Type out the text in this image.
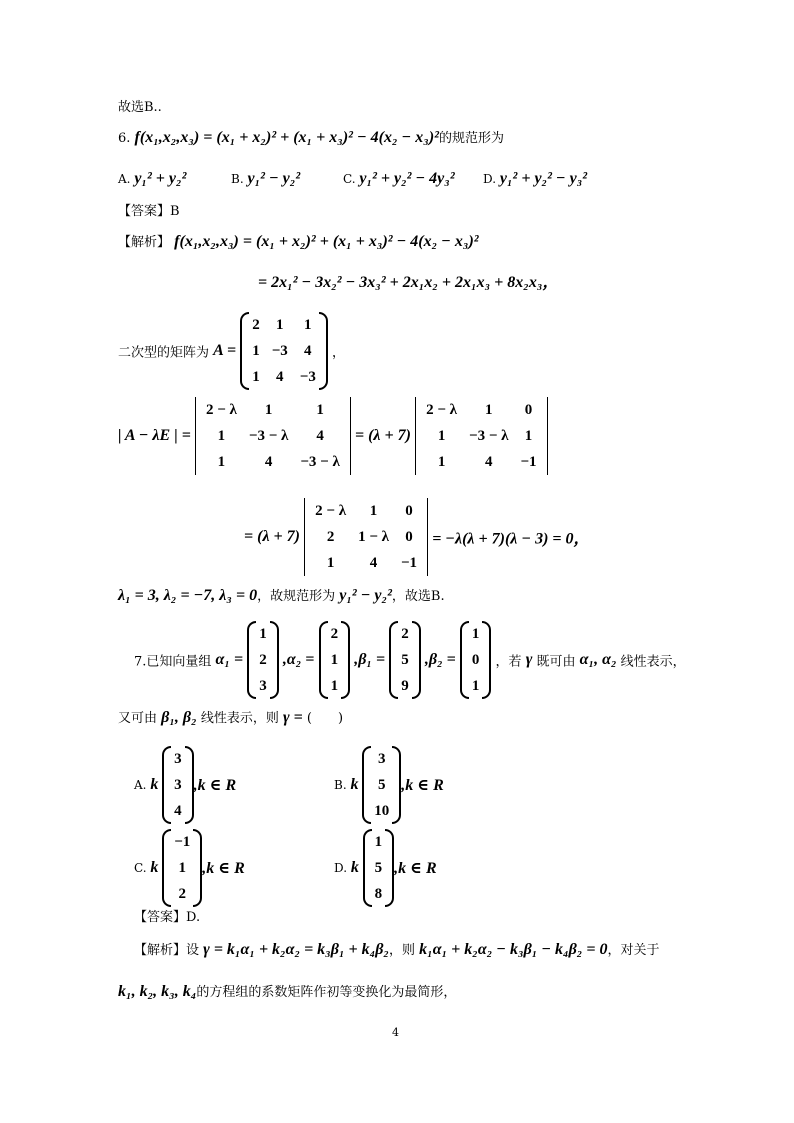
故选B..
6. f(x₁,x₂,x₃) = (x₁ + x₂)² + (x₁ + x₃)² − 4(x₂ − x₃)²的规范形为
A. y₁² + y₂²	B. y₁² − y₂²	C. y₁² + y₂² − 4y₃² D. y₁² + y₂² − y₃²
【答案】B
【解析】 f(x₁,x₂,x₃) = (x₁ + x₂)² + (x₁ + x₃)² − 4(x₂ − x₃)²
= 2x₁² − 3x₂² − 3x₃² + 2x₁x₂ + 2x₁x₃ + 8x₂x₃，
二次型的矩阵为 A = 2	1	1
1	−3	4
1	4	−3 ，
| A − λE | = 2 − λ	1	1
1	−3 − λ	4
1	4	−3 − λ = (λ + 7) 2 − λ	1	0
1	−3 − λ	1
1	4	−1
= (λ + 7) 2 − λ	1	0
2	1 − λ	0
1	4	−1 = −λ(λ + 7)(λ − 3) = 0，
λ₁ = 3, λ₂ = −7, λ₃ = 0，故规范形为 y₁² − y₂²，故选B.
7.已知向量组 α₁ = 1
2
3 ,α₂ = 2
1
1 ,β₁ = 2
5
9 ,β₂ = 1
0
1 ，若 γ 既可由 α₁, α₂ 线性表示，
又可由 β₁, β₂ 线性表示，则 γ = (　　)
A. k 3
3
4,k ∈ R	B. k 3
5
10,k ∈ R
C. k −1
1
2,k ∈ R	D. k 1
5
8,k ∈ R
【答案】D.
【解析】设 γ = k₁α₁ + k₂α₂ = k₃β₁ + k₄β₂，则 k₁α₁ + k₂α₂ − k₃β₁ − k₄β₂ = 0，对关于
k₁, k₂, k₃, k₄的方程组的系数矩阵作初等变换化为最简形，
4
